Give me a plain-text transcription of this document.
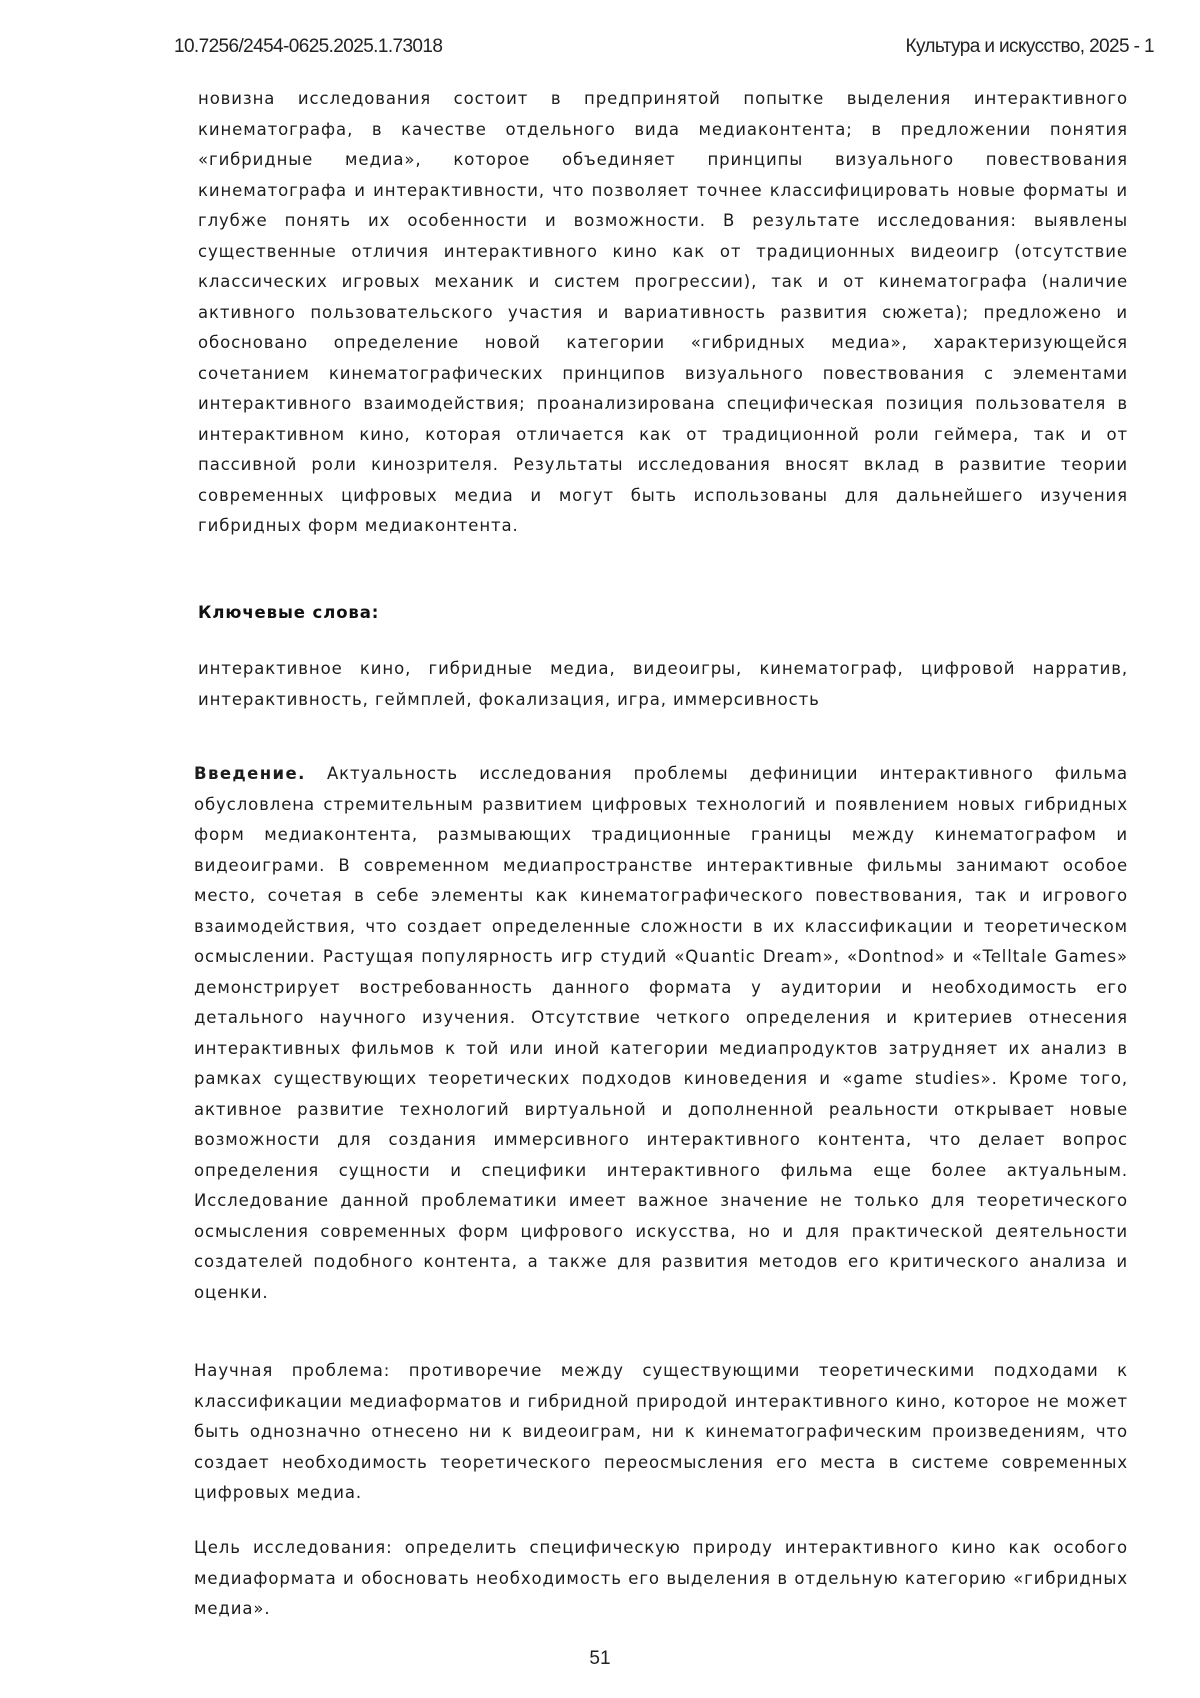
10.7256/2454-0625.2025.1.73018	Культура и искусство, 2025 - 1

новизна исследования состоит в предпринятой попытке выделения интерактивного кинематографа, в качестве отдельного вида медиаконтента; в предложении понятия «гибридные медиа», которое объединяет принципы визуального повествования кинематографа и интерактивности, что позволяет точнее классифицировать новые форматы и глубже понять их особенности и возможности. В результате исследования: выявлены существенные отличия интерактивного кино как от традиционных видеоигр (отсутствие классических игровых механик и систем прогрессии), так и от кинематографа (наличие активного пользовательского участия и вариативность развития сюжета); предложено и обосновано определение новой категории «гибридных медиа», характеризующейся сочетанием кинематографических принципов визуального повествования с элементами интерактивного взаимодействия; проанализирована специфическая позиция пользователя в интерактивном кино, которая отличается как от традиционной роли геймера, так и от пассивной роли кинозрителя. Результаты исследования вносят вклад в развитие теории современных цифровых медиа и могут быть использованы для дальнейшего изучения гибридных форм медиаконтента.

Ключевые слова:

интерактивное кино, гибридные медиа, видеоигры, кинематограф, цифровой нарратив, интерактивность, геймплей, фокализация, игра, иммерсивность

Введение. Актуальность исследования проблемы дефиниции интерактивного фильма обусловлена стремительным развитием цифровых технологий и появлением новых гибридных форм медиаконтента, размывающих традиционные границы между кинематографом и видеоиграми. В современном медиапространстве интерактивные фильмы занимают особое место, сочетая в себе элементы как кинематографического повествования, так и игрового взаимодействия, что создает определенные сложности в их классификации и теоретическом осмыслении. Растущая популярность игр студий «Quantic Dream», «Dontnod» и «Telltale Games» демонстрирует востребованность данного формата у аудитории и необходимость его детального научного изучения. Отсутствие четкого определения и критериев отнесения интерактивных фильмов к той или иной категории медиапродуктов затрудняет их анализ в рамках существующих теоретических подходов киноведения и «game studies». Кроме того, активное развитие технологий виртуальной и дополненной реальности открывает новые возможности для создания иммерсивного интерактивного контента, что делает вопрос определения сущности и специфики интерактивного фильма еще более актуальным. Исследование данной проблематики имеет важное значение не только для теоретического осмысления современных форм цифрового искусства, но и для практической деятельности создателей подобного контента, а также для развития методов его критического анализа и оценки.

Научная проблема: противоречие между существующими теоретическими подходами к классификации медиаформатов и гибридной природой интерактивного кино, которое не может быть однозначно отнесено ни к видеоиграм, ни к кинематографическим произведениям, что создает необходимость теоретического переосмысления его места в системе современных цифровых медиа.

Цель исследования: определить специфическую природу интерактивного кино как особого медиаформата и обосновать необходимость его выделения в отдельную категорию «гибридных медиа».

51
